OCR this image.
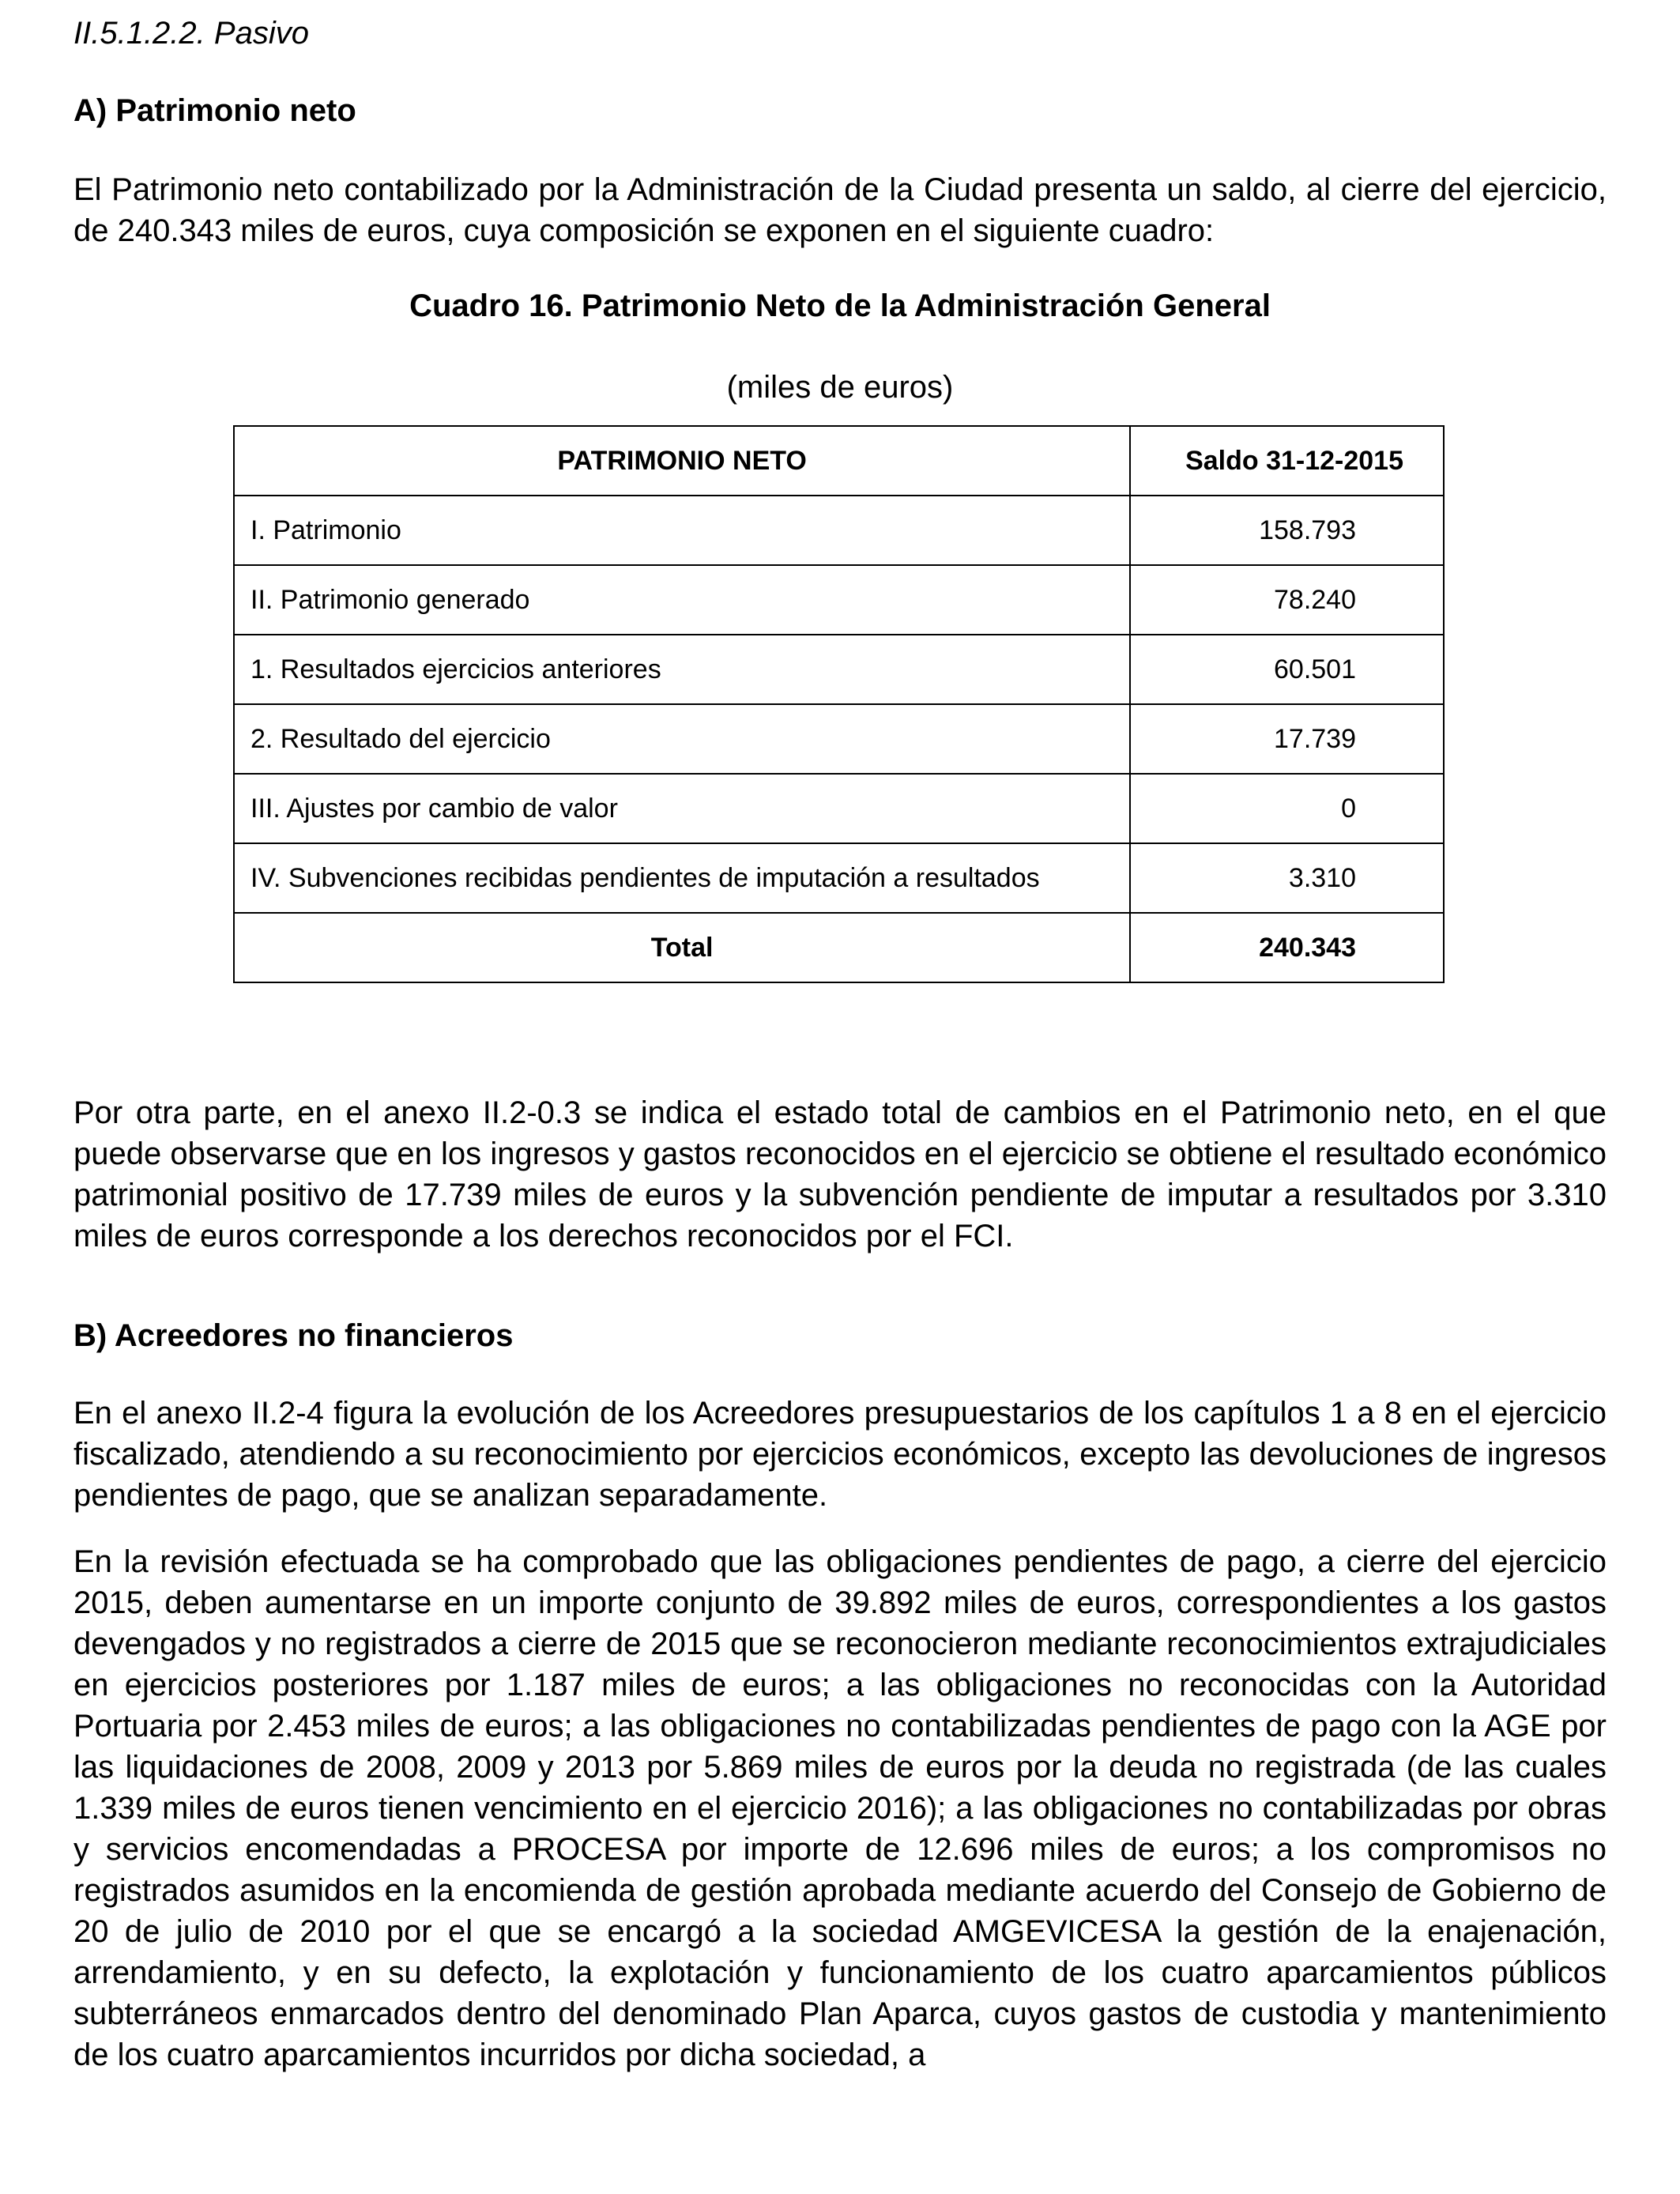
II.5.1.2.2. Pasivo
A) Patrimonio neto
El Patrimonio neto contabilizado por la Administración de la Ciudad presenta un saldo, al cierre del ejercicio, de 240.343 miles de euros, cuya composición se exponen en el siguiente cuadro:
Cuadro 16. Patrimonio Neto de la Administración General
(miles de euros)
PATRIMONIO NETO	Saldo 31-12-2015
I. Patrimonio	158.793
II. Patrimonio generado	78.240
1. Resultados ejercicios anteriores	60.501
2. Resultado del ejercicio	17.739
III. Ajustes por cambio de valor	0
IV. Subvenciones recibidas pendientes de imputación a resultados	3.310
Total	240.343
Por otra parte, en el anexo II.2-0.3 se indica el estado total de cambios en el Patrimonio neto, en el que puede observarse que en los ingresos y gastos reconocidos en el ejercicio se obtiene el resultado económico patrimonial positivo de 17.739 miles de euros y la subvención pendiente de imputar a resultados por 3.310 miles de euros corresponde a los derechos reconocidos por el FCI.
B) Acreedores no financieros
En el anexo II.2-4 figura la evolución de los Acreedores presupuestarios de los capítulos 1 a 8 en el ejercicio fiscalizado, atendiendo a su reconocimiento por ejercicios económicos, excepto las devoluciones de ingresos pendientes de pago, que se analizan separadamente.
En la revisión efectuada se ha comprobado que las obligaciones pendientes de pago, a cierre del ejercicio 2015, deben aumentarse en un importe conjunto de 39.892 miles de euros, correspondientes a los gastos devengados y no registrados a cierre de 2015 que se reconocieron mediante reconocimientos extrajudiciales en ejercicios posteriores por 1.187 miles de euros; a las obligaciones no reconocidas con la Autoridad Portuaria por 2.453 miles de euros; a las obligaciones no contabilizadas pendientes de pago con la AGE por las liquidaciones de 2008, 2009 y 2013 por 5.869 miles de euros por la deuda no registrada (de las cuales 1.339 miles de euros tienen vencimiento en el ejercicio 2016); a las obligaciones no contabilizadas por obras y servicios encomendadas a PROCESA por importe de 12.696 miles de euros; a los compromisos no registrados asumidos en la encomienda de gestión aprobada mediante acuerdo del Consejo de Gobierno de 20 de julio de 2010 por el que se encargó a la sociedad AMGEVICESA la gestión de la enajenación, arrendamiento, y en su defecto, la explotación y funcionamiento de los cuatro aparcamientos públicos subterráneos enmarcados dentro del denominado Plan Aparca, cuyos gastos de custodia y mantenimiento de los cuatro aparcamientos incurridos por dicha sociedad, a
